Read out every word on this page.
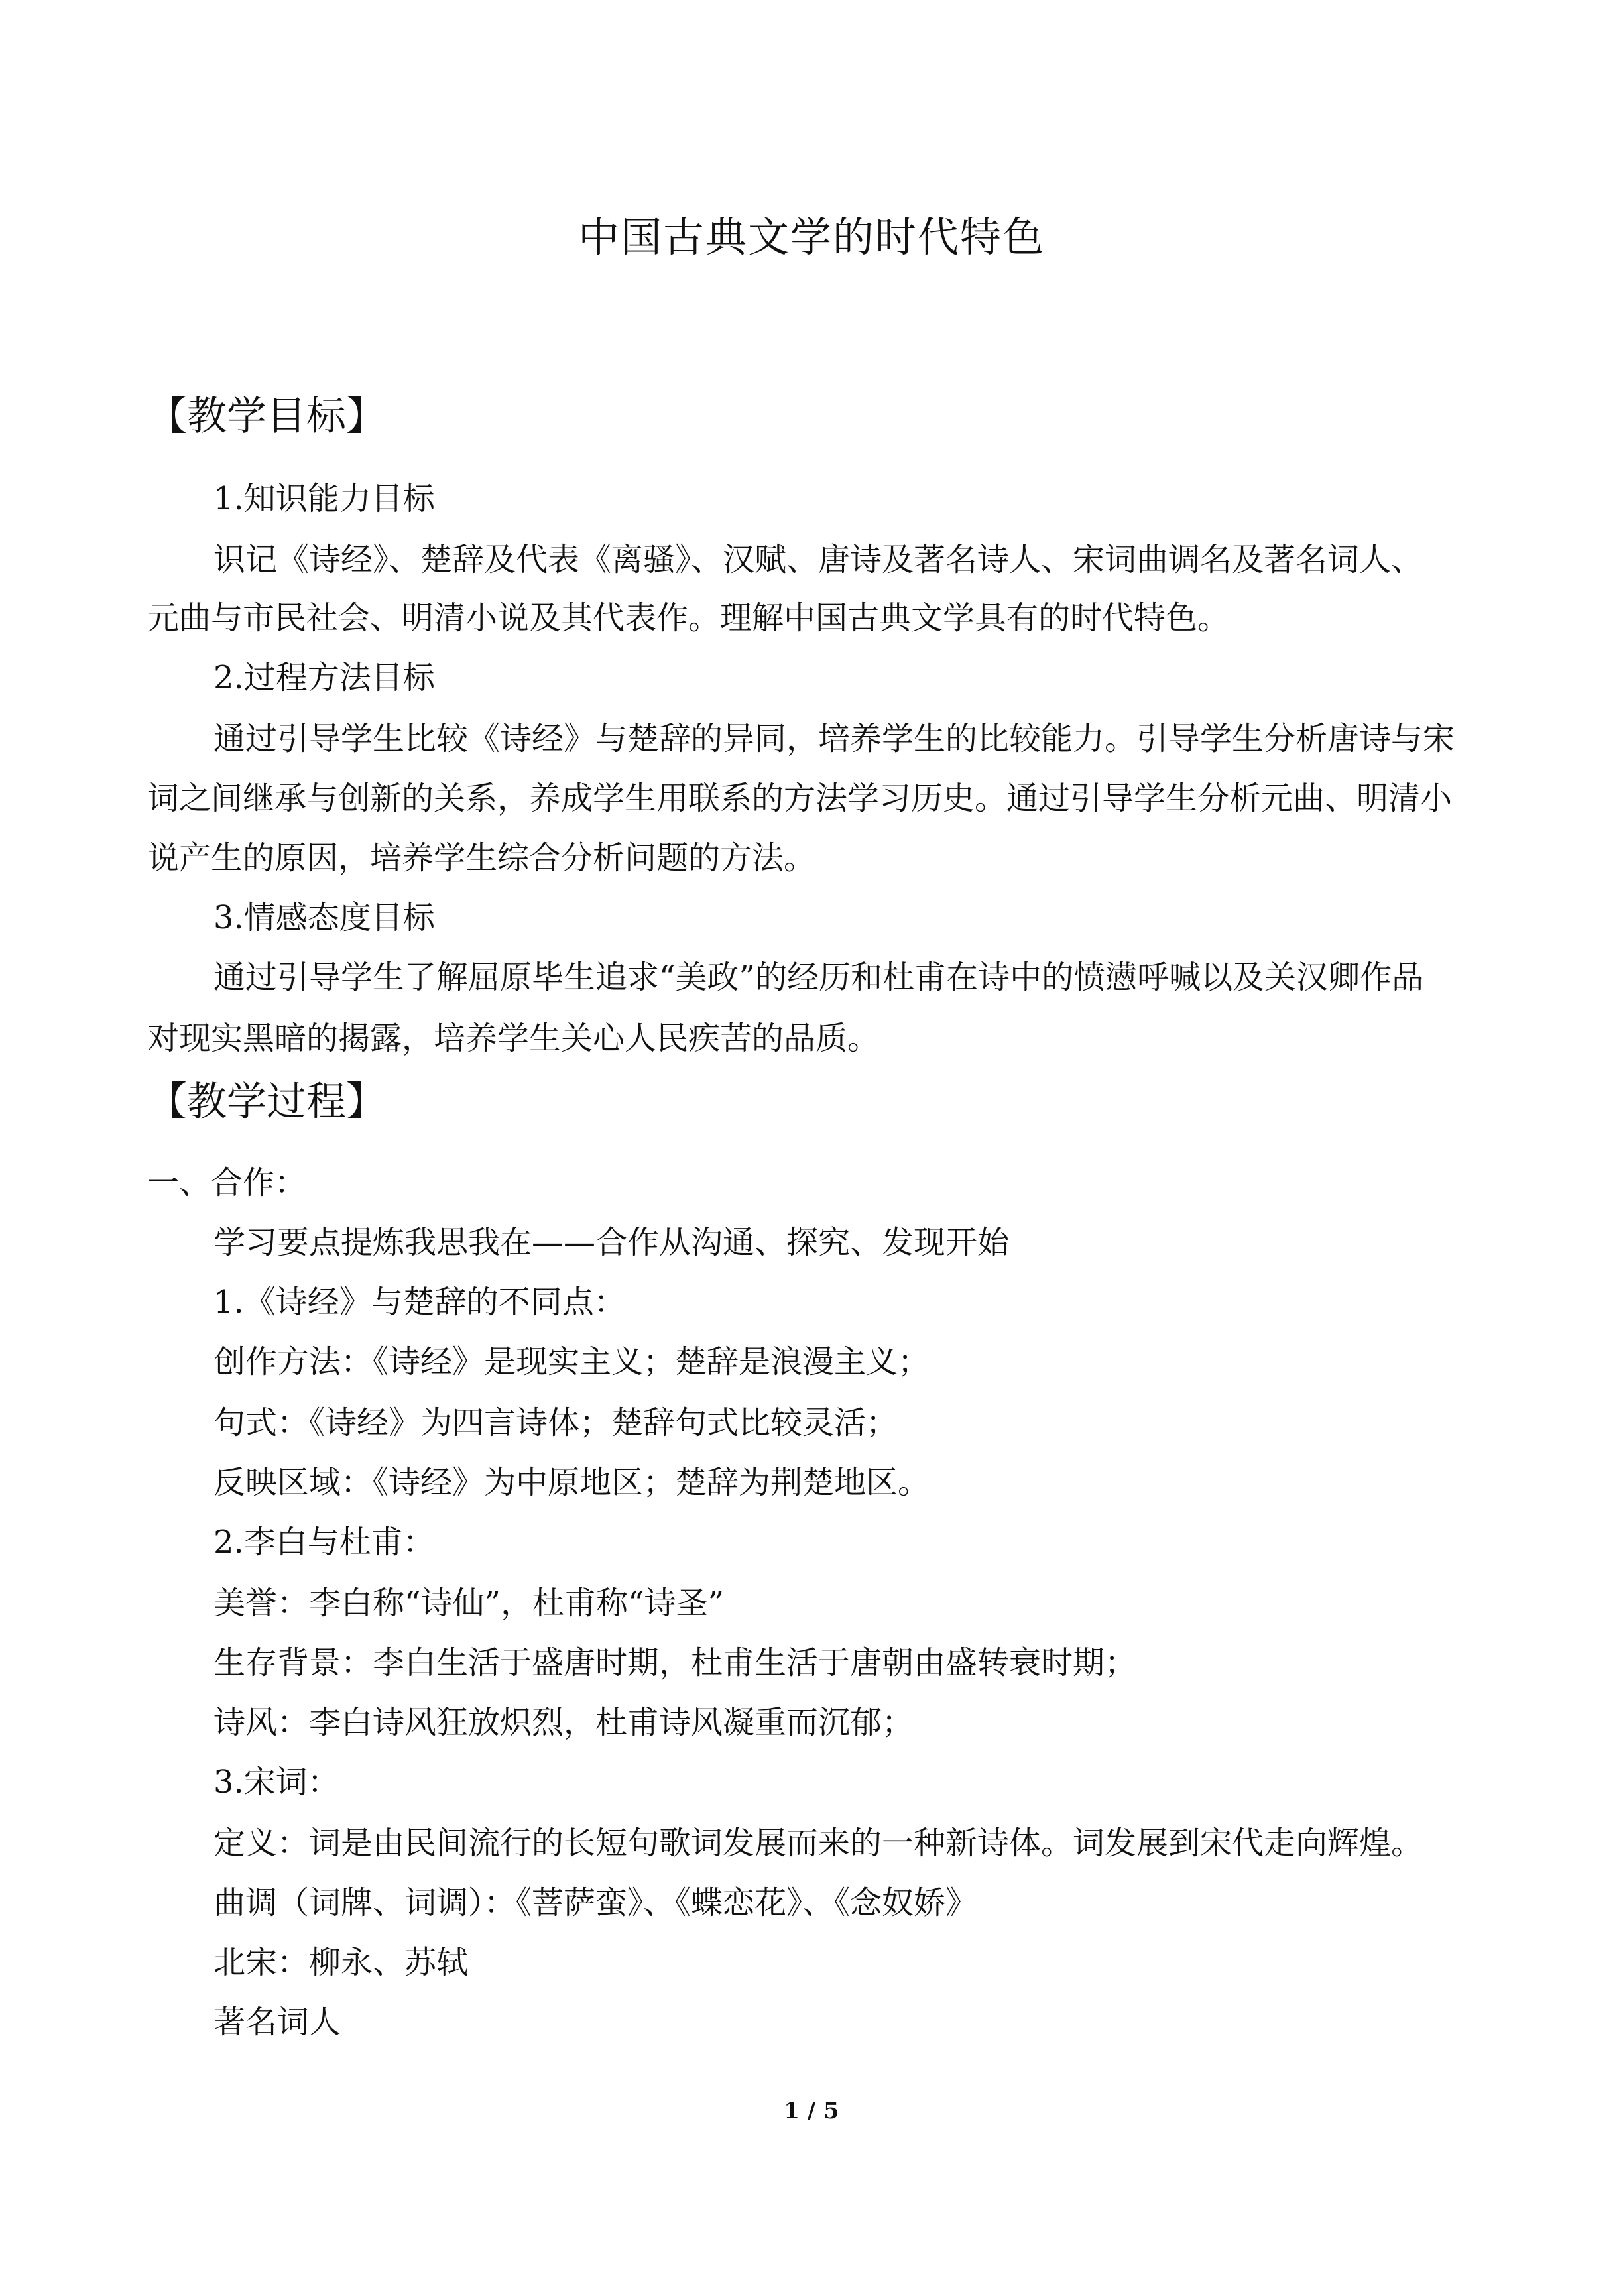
中国古典文学的时代特色
【教学目标】
1.知识能力目标
识记《诗经》、楚辞及代表《离骚》、汉赋、唐诗及著名诗人、宋词曲调名及著名词人、
元曲与市民社会、明清小说及其代表作。理解中国古典文学具有的时代特色。
2.过程方法目标
通过引导学生比较《诗经》与楚辞的异同，培养学生的比较能力。引导学生分析唐诗与宋
词之间继承与创新的关系，养成学生用联系的方法学习历史。通过引导学生分析元曲、明清小
说产生的原因，培养学生综合分析问题的方法。
3.情感态度目标
通过引导学生了解屈原毕生追求“美政”的经历和杜甫在诗中的愤懑呼喊以及关汉卿作品
对现实黑暗的揭露，培养学生关心人民疾苦的品质。
【教学过程】
一、合作：
学习要点提炼我思我在——合作从沟通、探究、发现开始
1.《诗经》与楚辞的不同点：
创作方法：《诗经》是现实主义；楚辞是浪漫主义；
句式：《诗经》为四言诗体；楚辞句式比较灵活；
反映区域：《诗经》为中原地区；楚辞为荆楚地区。
2.李白与杜甫：
美誉：李白称“诗仙”，杜甫称“诗圣”
生存背景：李白生活于盛唐时期，杜甫生活于唐朝由盛转衰时期；
诗风：李白诗风狂放炽烈，杜甫诗风凝重而沉郁；
3.宋词：
定义：词是由民间流行的长短句歌词发展而来的一种新诗体。词发展到宋代走向辉煌。
曲调（词牌、词调）：《菩萨蛮》、《蝶恋花》、《念奴娇》
北宋：柳永、苏轼
著名词人
1 / 5
